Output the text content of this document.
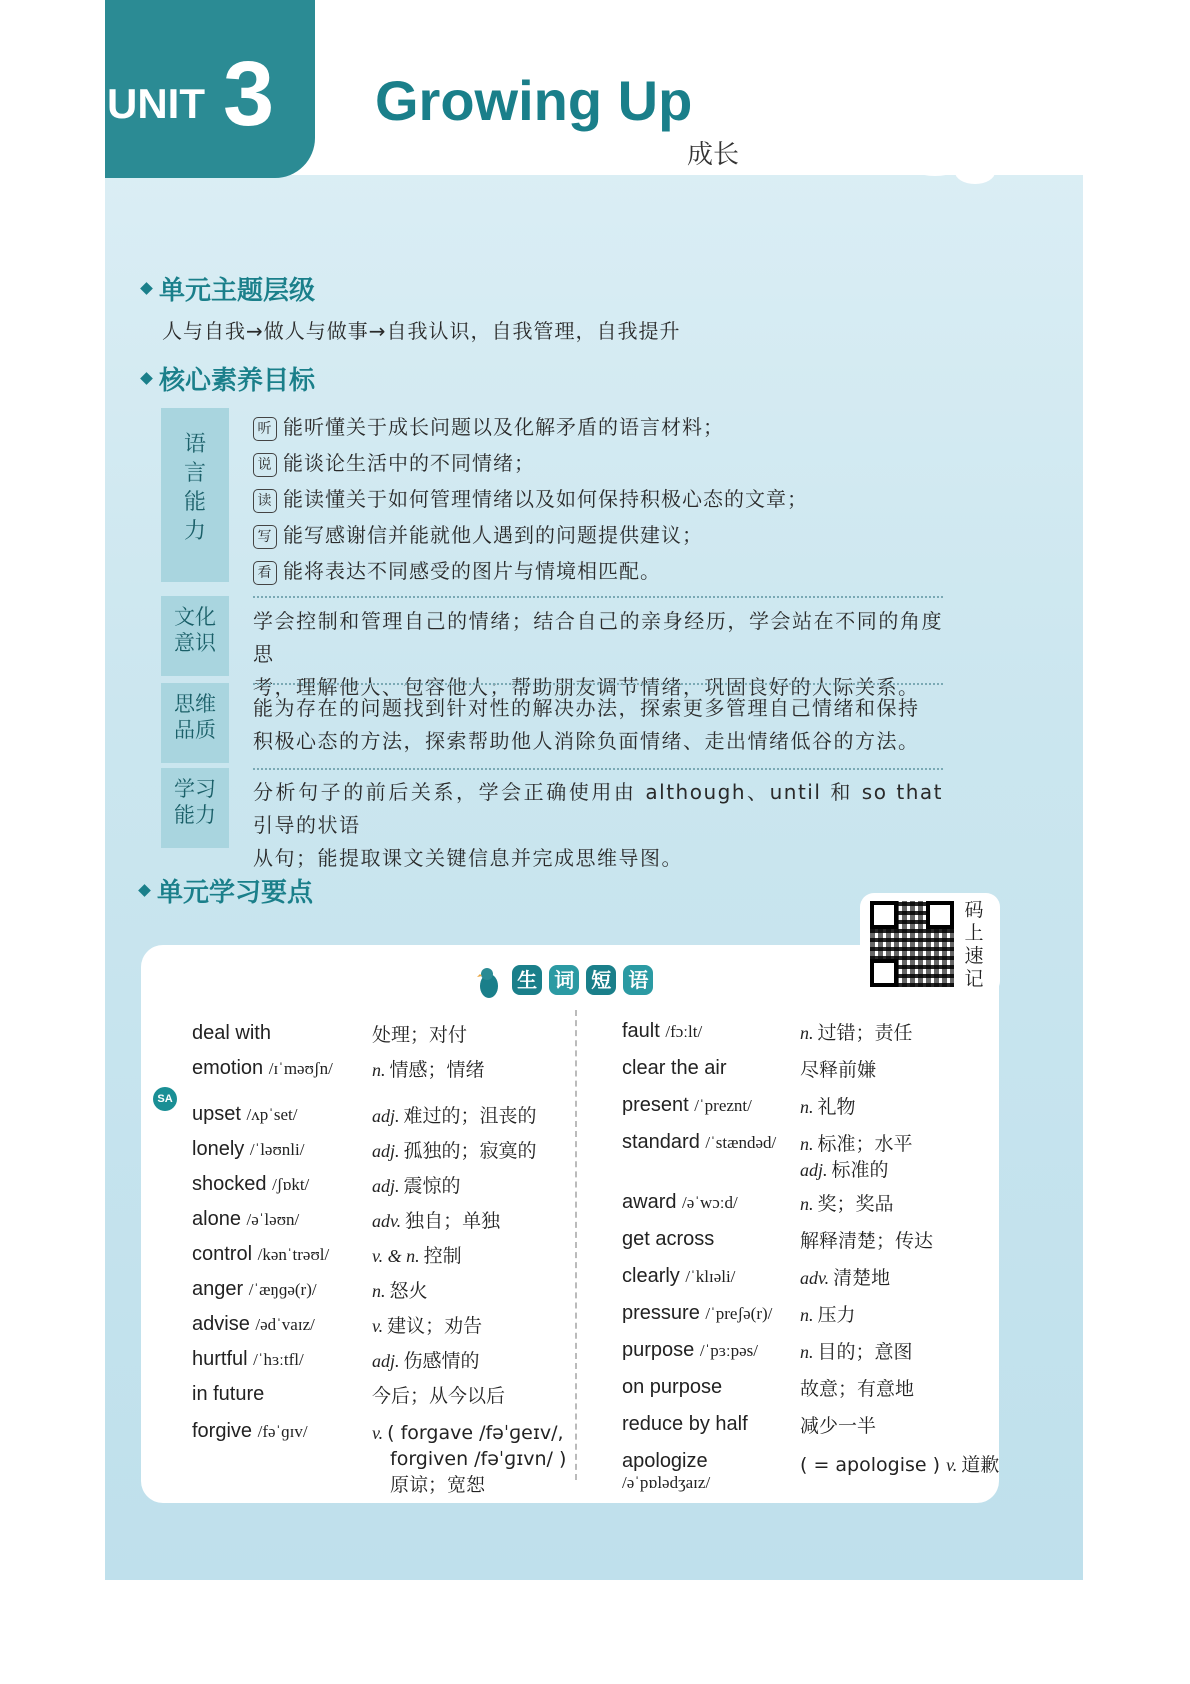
UNIT 3 Growing Up
成长
单元主题层级
人与自我→做人与做事→自我认识，自我管理，自我提升
核心素养目标
语
言
能
力
听 能听懂关于成长问题以及化解矛盾的语言材料；
说 能谈论生活中的不同情绪；
读 能读懂关于如何管理情绪以及如何保持积极心态的文章；
写 能写感谢信并能就他人遇到的问题提供建议；
看 能将表达不同感受的图片与情境相匹配。
文化
意识
学会控制和管理自己的情绪；结合自己的亲身经历，学会站在不同的角度思
考，理解他人、包容他人；帮助朋友调节情绪，巩固良好的人际关系。
思维
品质
能为存在的问题找到针对性的解决办法，探索更多管理自己情绪和保持
积极心态的方法，探索帮助他人消除负面情绪、走出情绪低谷的方法。
学习
能力
分析句子的前后关系，学会正确使用由 although、until 和 so that 引导的状语
从句；能提取课文关键信息并完成思维导图。
单元学习要点
码
上
速
记
生 词 短 语
SA
deal with	处理；对付
emotion /ɪˈməʊʃn/ n. 情感；情绪
upset /ʌpˈset/	adj. 难过的；沮丧的
lonely /ˈləʊnli/	adj. 孤独的；寂寞的
shocked /ʃɒkt/	adj. 震惊的
alone /əˈləʊn/	adv. 独自；单独
control /kənˈtrəʊl/ v. & n. 控制
anger /ˈæŋɡə(r)/	n. 怒火
advise /ədˈvaɪz/	v. 建议；劝告
hurtful /ˈhɜːtfl/	adj. 伤感情的
in future	今后；从今以后
forgive /fəˈɡɪv/	v. ( forgave /fəˈɡeɪv/,
forgiven /fəˈɡɪvn/ )
原谅；宽恕
fault /fɔːlt/	n. 过错；责任
clear the air	尽释前嫌
present /ˈpreznt/	n. 礼物
standard /ˈstændəd/ n. 标准；水平
adj. 标准的
award /əˈwɔːd/	n. 奖；奖品
get across	解释清楚；传达
clearly /ˈklɪəli/	adv. 清楚地
pressure /ˈpreʃə(r)/ n. 压力
purpose /ˈpɜːpəs/ n. 目的；意图
on purpose	故意；有意地
reduce by half	减少一半
apologize
/əˈpɒlədʒaɪz/
( = apologise ) v. 道歉
